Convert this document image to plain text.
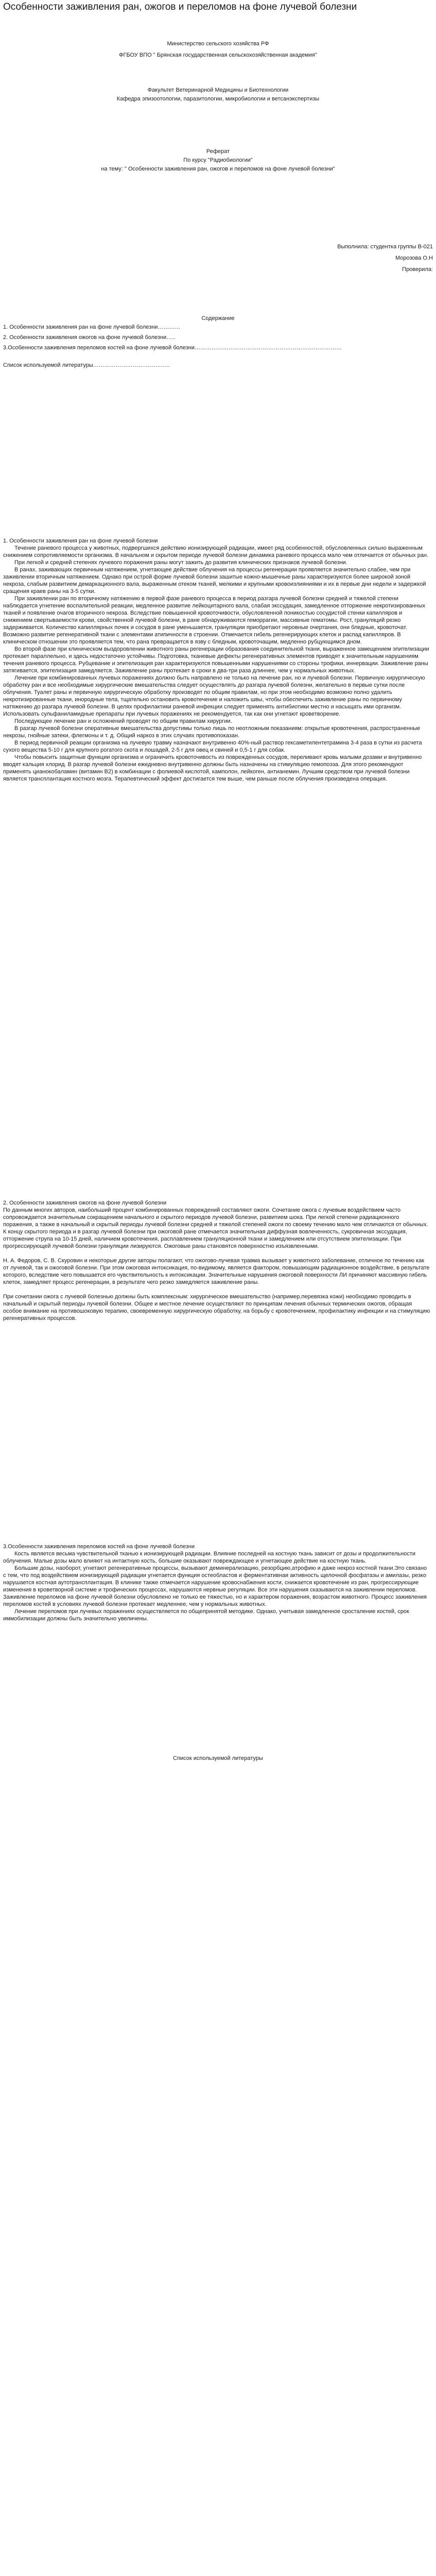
Особенности заживления ран, ожогов и переломов на фоне лучевой болезни
Министерство сельского хозяйства РФ
ФГБОУ ВПО " Брянская государственная сельскохозяйственная академия"
Факультет Ветеринарной Медицины и Биотехнологии
Кафедра эпизоотологии, паразитологии, микробиологии и ветсанэкспертизы
Реферат
По курсу "Радиобиологии"
на тему: " Особенности заживления ран, ожогов и переломов на фоне лучевой болезни"
Выполнила: студентка группы В-021
Морозова О.Н
Проверила:
Содержание
1. Особенности заживления ран на фоне лучевой болезни…………
2. Особенности заживления ожогов на фоне лучевой болезни…..
3.Особенности заживления переломов костей на фоне лучевой болезни……………………………………………………………………
Список используемой литературы…………………………………..
1. Особенности заживления ран на фоне лучевой болезни

Течение раневого процесса у животных, подвергшихся действию ионизирующей радиации, имеет ряд особенностей, обусловленных сильно выраженным снижением сопротивляемости организма. В начальном и скрытом периоде лучевой болезни динамика раневого процесса мало чем отличается от обычных ран.

При легкой и средней степенях лучевого поражения раны могут зажить до развития клинических признаков лучевой болезни.

В ранах, заживающих первичным натяжением, угнетающее действие облучения на процессы регенерации проявляется значительно слабее, чем при заживлении вторичным натяжением. Однако при острой форме лучевой болезни зашитые кожно-мышечные раны характеризуются более широкой зоной некроза, слабым развитием демаркационного вала, выраженным отеком тканей, мелкими и крупными кровоизлияниями и их в первые дни недели и задержкой сращения краев раны на 3-5 сутки.

При заживлении ран по вторичному натяжению в первой фазе раневого процесса в период разгара лучевой болезни средней и тяжелой степени наблюдается угнетение воспалительной реакции, медленное развитие лейкоцитарного вала, слабая экссудация, замедленное отторжение некротизированных тканей и появление очагов вторичного некроза. Вследствие повышенной кровоточивости, обусловленной поникостью сосудистой стенки капилляров и снижением свертываемости крови, свойственной лучевой болезни, в ране обнаруживаются геморрагии, массивные гематомы. Рост, грануляций резко задерживается. Количество капиллярных почек и сосудов в ране уменьшается, грануляции приобретают неровные очертания, они бледные, кровоточат. Возможно развитие регенеративной ткани с элементами атипичности в строении. Отмечается гибель регенерирующих клеток и распад капилляров. В клиническом отношении это проявляется тем, что рана превращается в язву с бледным, кровоточащим, медленно рубцующимся дном.

Во второй фазе при клиническом выздоровлении животного раны регенерации образования соединительной ткани, выраженное замещением эпителизации протекает параллельно, и здесь недостаточно устойчивы. Подготовка, тканевые дефекты регенеративных элементов приводят к значительным нарушениям течения раневого процесса. Рубцевание и эпителизация ран характеризуются повышенными нарушениями со стороны трофики, иннервации. Заживление раны затягивается, эпителизация замедляется. Заживление раны протекает в сроки в два-три раза длиннее, чем у нормальных животных.

Лечение при комбинированных лучевых поражениях должно быть направлено не только на лечение ран, но и лучевой болезни. Первичную хирургическую обработку ран и все необходимые хирургические вмешательства следует осуществлять до разгара лучевой болезни, желательно в первые сутки после облучения. Туалет раны и первичную хирургическую обработку производят по общим правилам, но при этом необходимо возможно полно удалить некротизированные ткани, инородные тела, тщательно остановить кровотечение и наложить швы, чтобы обеспечить заживление раны по первичному натяжению до разгара лучевой болезни. В целях профилактики раневой инфекции следует применять антибиотики местно и насыщать ими организм. Использовать сульфаниламидные препараты при лучевых поражениях не рекомендуется, так как они угнетают кроветворение.

Последующее лечение ран и осложнений проводят по общим правилам хирургии.

В разгар лучевой болезни оперативные вмешательства допустимы только лишь по неотложным показаниям: открытые кровотечения, распространенные некрозы, гнойные затеки, флегмоны и т. д. Общий наркоз в этих случаях противопоказан.

В период первичной реакции организма на лучевую травму назначают внутривенно 40%-ный раствор гексаметилентетрамина 3-4 раза в сутки из расчета сухого вещества 5-10 г для крупного рогатого скота и лошадей, 2-5 г для овец и свиней и 0,5-1 г для собак.

Чтобы повысить защитные функции организма и ограничить кровоточивость из поврежденных сосудов, переливают кровь малыми дозами и внутривенно вводят кальция хлорид. В разгар лучевой болезни ежедневно внутривенно должны быть назначены на стимуляцию гемопоэза. Для этого рекомендуют применять цианокобаламин (витамин В2) в комбинации с фолиевой кислотой, камполон, лейкоген, антианемин. Лучшим средством при лучевой болезни является трансплантация костного мозга. Терапевтический эффект достигается тем выше, чем раньше после облучения произведена операция.

2. Особенности заживления ожогов на фоне лучевой болезни

По данным многих авторов, наибольший процент комбинированных повреждений составляют ожоги. Сочетание ожога с лучевым воздействием часто сопровождается значительным сокращением начального и скрытого периодов лучевой болезни, развитием шока. При легкой степени радиационного поражения, а также в начальный и скрытый периоды лучевой болезни средней и тяжелой степеней ожоги по своему течению мало чем отличаются от обычных. К концу скрытого периода и в разгар лучевой болезни при ожоговой ране отмечается значительная диффузная вовлеченность, сукровичная экссудация, отторжение струпа на 10-15 дней, наличием кровотечения, расплавлением грануляционной ткани и замедлением или отсутствием эпителизации. При прогрессирующей лучевой болезни грануляции лизируются. Ожоговые раны становятся поверхностно изъязвленными.

Н. А. Федоров, С. В. Скуровин и некоторые другие авторы полагают, что ожогово-лучевая травма вызывает у животного заболевание, отличное по течению как от лучевой, так и ожоговой болезни. При этом ожоговая интоксикация, по-видимому, является фактором, повышающим радиационное воздействие, в результате которого, вследствие чего повышается его чувствительность к интоксикации. Значительные нарушения ожоговой поверхности ЛИ причиняют массивную гибель клеток, замедляет процесс регенерации, в результате чего резко замедляется заживление раны.

При сочетании ожога с лучевой болезнью должны быть комплексным: хирургическое вмешательство (например,перевязка кожи) необходимо проводить в начальный и скрытый периоды лучевой болезни. Общее и местное лечение осуществляют по принципам лечения обычных термических ожогов, обращая особое внимание на противошоковую терапию, своевременную хирургическую обработку, на борьбу с кровотечением, профилактику инфекции и на стимуляцию регенеративных процессов.

3.Особенности заживления переломов костей на фоне лучевой болезни

Кость является весьма чувствительной тканью к ионизирующей радиации. Влияние последней на костную ткань зависит от дозы и продолжительности облучения. Малые дозы мало влияют на интактную кость, большие оказывают повреждающее и угнетающее действие на костную ткань.

Большие дозы, наоборот, угнетают регенеративные процессы, вызывают деминерализацию, резорбцию,атрофию и даже некроз костной ткани.Это связано с тем, что под воздействием ионизирующей радиации угнетается функция остеобластов и ферментативная активность щелочной фосфатазы и амилазы, резко нарушается костная аутотрансплантация. В клинике также отмечается нарушение кровоснабжения кости, снижается кровотечение из ран, прогрессирующие изменения в кроветворной системе и трофических процессах, нарушаются нервные регуляции. Все эти нарушения сказываются на заживлении переломов. Заживление переломов на фоне лучевой болезни обусловлено не только ее тяжестью, но и характером поражения, возрастом животного. Процесс заживления переломов костей в условиях лучевой болезни протекает медленнее, чем у нормальных животных.

Лечение переломов при лучевых поражениях осуществляется по общепринятой методике. Однако, учитывая замедленное сросталение костей, срок иммобилизации должны быть значительно увеличены.

Список используемой литературы
